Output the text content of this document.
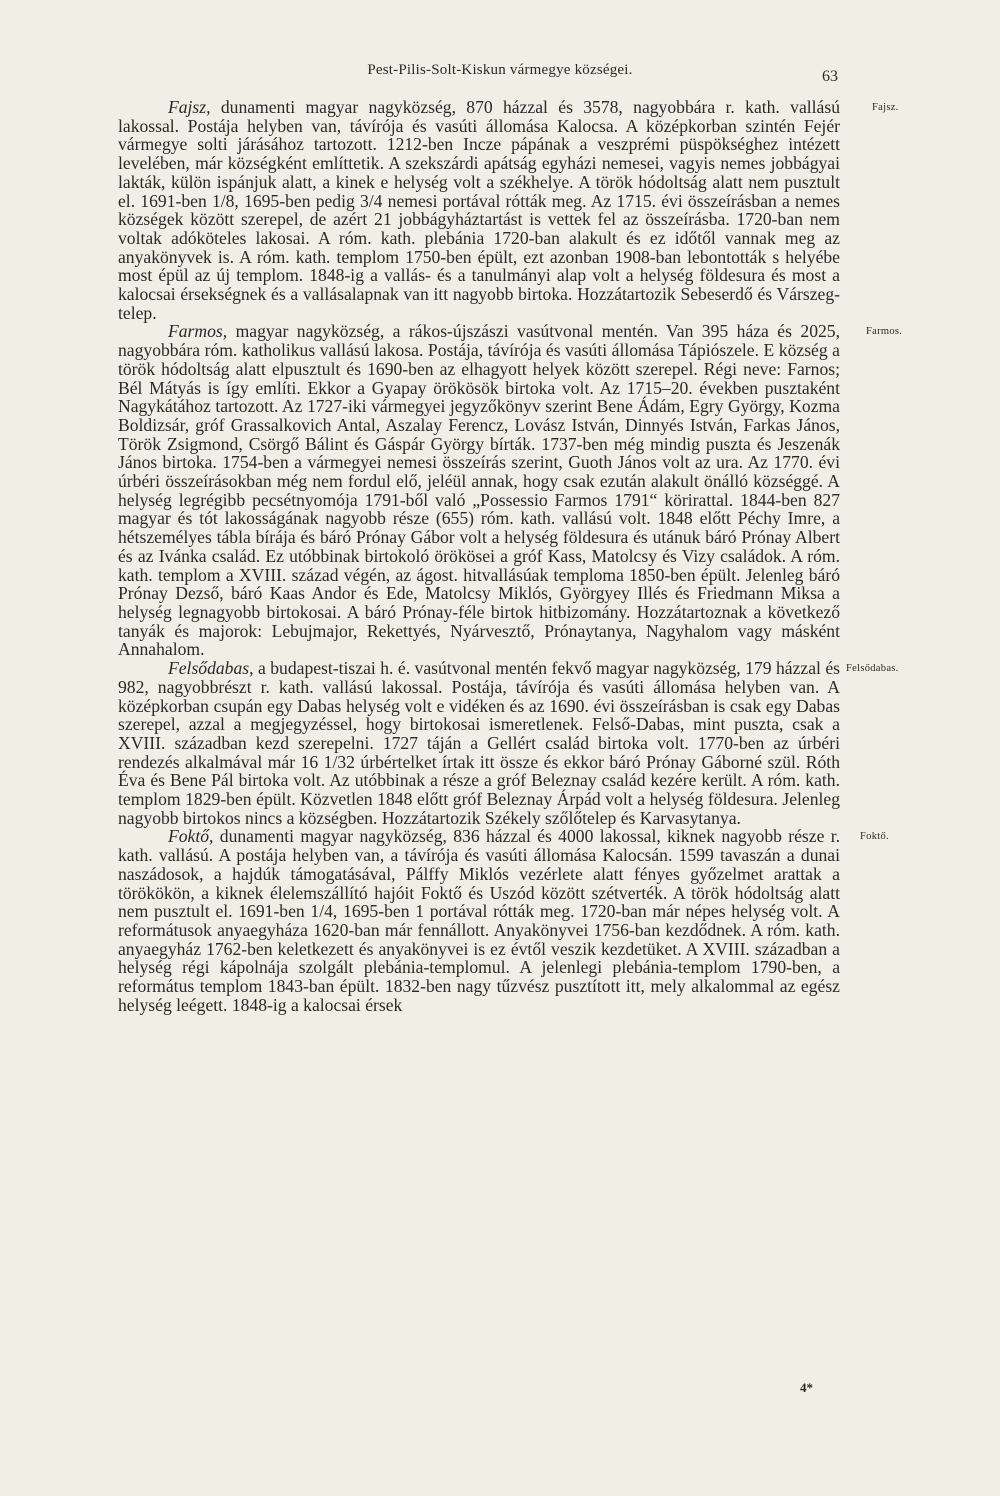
Pest-Pilis-Solt-Kiskun vármegye községei.	63

Fajsz, dunamenti magyar nagyközség, 870 házzal és 3578, nagyobbára r. kath. vallású lakossal. Postája helyben van, távírója és vasúti állomása Kalocsa. A középkorban szintén Fejér vármegye solti járásához tartozott. 1212-ben Incze pápának a veszprémi püspökséghez intézett levelében, már községként említtetik. A szekszárdi apátság egyházi nemesei, vagyis nemes jobbágyai lakták, külön ispánjuk alatt, a kinek e helység volt a székhelye. A török hódoltság alatt nem pusztult el. 1691-ben 1/8, 1695-ben pedig 3/4 nemesi portával rótták meg. Az 1715. évi összeírásban a nemes községek között szerepel, de azért 21 jobbágyháztartást is vettek fel az összeírásba. 1720-ban nem voltak adóköteles lakosai. A róm. kath. plebánia 1720-ban alakult és ez időtől vannak meg az anyakönyvek is. A róm. kath. templom 1750-ben épült, ezt azonban 1908-ban lebontották s helyébe most épül az új templom. 1848-ig a vallás- és a tanulmányi alap volt a helység földesura és most a kalocsai érsekségnek és a vallásalapnak van itt nagyobb birtoka. Hozzátartozik Sebeserdő és Várszeg-telep.

Farmos, magyar nagyközség, a rákos-újszászi vasútvonal mentén. Van 395 háza és 2025, nagyobbára róm. katholikus vallású lakosa. Postája, távírója és vasúti állomása Tápiószele. E község a török hódoltság alatt elpusztult és 1690-ben az elhagyott helyek között szerepel. Régi neve: Farnos; Bél Mátyás is így említi. Ekkor a Gyapay örökösök birtoka volt. Az 1715–20. években pusztaként Nagykátához tartozott. Az 1727-iki vármegyei jegyzőkönyv szerint Bene Ádám, Egry György, Kozma Boldizsár, gróf Grassalkovich Antal, Aszalay Ferencz, Lovász István, Dinnyés István, Farkas János, Török Zsigmond, Csörgő Bálint és Gáspár György bírták. 1737-ben még mindig puszta és Jeszenák János birtoka. 1754-ben a vármegyei nemesi összeírás szerint, Guoth János volt az ura. Az 1770. évi úrbéri összeírásokban még nem fordul elő, jeléül annak, hogy csak ezután alakult önálló községgé. A helység legrégibb pecsétnyomója 1791-ből való „Possessio Farmos 1791“ körirattal. 1844-ben 827 magyar és tót lakosságának nagyobb része (655) róm. kath. vallású volt. 1848 előtt Péchy Imre, a hétszemélyes tábla bírája és báró Prónay Gábor volt a helység földesura és utánuk báró Prónay Albert és az Ivánka család. Ez utóbbinak birtokoló örökösei a gróf Kass, Matolcsy és Vizy családok. A róm. kath. templom a XVIII. század végén, az ágost. hitvallásúak temploma 1850-ben épült. Jelenleg báró Prónay Dezső, báró Kaas Andor és Ede, Matolcsy Miklós, Györgyey Illés és Friedmann Miksa a helység legnagyobb birtokosai. A báró Prónay-féle birtok hitbizomány. Hozzátartoznak a következő tanyák és majorok: Lebujmajor, Rekettyés, Nyárvesztő, Prónaytanya, Nagyhalom vagy másként Annahalom.

Felsődabas, a budapest-tiszai h. é. vasútvonal mentén fekvő magyar nagyközség, 179 házzal és 982, nagyobbrészt r. kath. vallású lakossal. Postája, távírója és vasúti állomása helyben van. A középkorban csupán egy Dabas helység volt e vidéken és az 1690. évi összeírásban is csak egy Dabas szerepel, azzal a megjegyzéssel, hogy birtokosai ismeretlenek. Felső-Dabas, mint puszta, csak a XVIII. században kezd szerepelni. 1727 táján a Gellért család birtoka volt. 1770-ben az úrbéri rendezés alkalmával már 16 1/32 úrbértelket írtak itt össze és ekkor báró Prónay Gáborné szül. Róth Éva és Bene Pál birtoka volt. Az utóbbinak a része a gróf Beleznay család kezére került. A róm. kath. templom 1829-ben épült. Közvetlen 1848 előtt gróf Beleznay Árpád volt a helység földesura. Jelenleg nagyobb birtokos nincs a községben. Hozzátartozik Székely szőlőtelep és Karvasytanya.

Foktő, dunamenti magyar nagyközség, 836 házzal és 4000 lakossal, kiknek nagyobb része r. kath. vallású. A postája helyben van, a távírója és vasúti állomása Kalocsán. 1599 tavaszán a dunai naszádosok, a hajdúk támogatásával, Pálffy Miklós vezérlete alatt fényes győzelmet arattak a törökökön, a kiknek élelemszállító hajóit Foktő és Uszód között szétverték. A török hódoltság alatt nem pusztult el. 1691-ben 1/4, 1695-ben 1 portával rótták meg. 1720-ban már népes helység volt. A reformátusok anyaegyháza 1620-ban már fennállott. Anyakönyvei 1756-ban kezdődnek. A róm. kath. anyaegyház 1762-ben keletkezett és anyakönyvei is ez évtől veszik kezdetüket. A XVIII. században a helység régi kápolnája szolgált plebánia-templomul. A jelenlegi plebánia-templom 1790-ben, a református templom 1843-ban épült. 1832-ben nagy tűzvész pusztított itt, mely alkalommal az egész helység leégett. 1848-ig a kalocsai érsek

Fajsz.
Farmos.
Felsődabas.
Foktő.
4*
